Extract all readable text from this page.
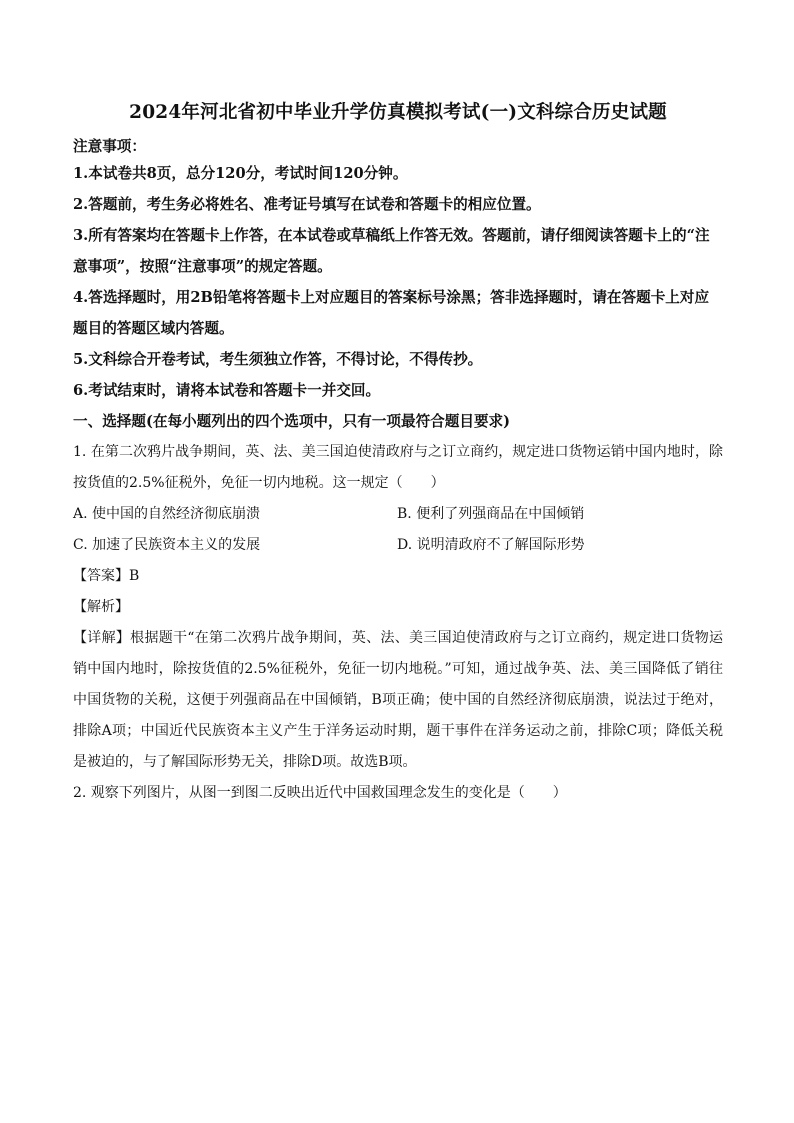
2024年河北省初中毕业升学仿真模拟考试(一)文科综合历史试题
注意事项：
1.本试卷共8页，总分120分，考试时间120分钟。
2.答题前，考生务必将姓名、准考证号填写在试卷和答题卡的相应位置。
3.所有答案均在答题卡上作答，在本试卷或草稿纸上作答无效。答题前，请仔细阅读答题卡上的“注意事项”，按照“注意事项”的规定答题。
4.答选择题时，用2B铅笔将答题卡上对应题目的答案标号涂黑；答非选择题时，请在答题卡上对应题目的答题区域内答题。
5.文科综合开卷考试，考生须独立作答，不得讨论，不得传抄。
6.考试结束时，请将本试卷和答题卡一并交回。
一、选择题(在每小题列出的四个选项中，只有一项最符合题目要求)
1. 在第二次鸦片战争期间，英、法、美三国迫使清政府与之订立商约，规定进口货物运销中国内地时，除按货值的2.5%征税外，免征一切内地税。这一规定（　　）
A. 使中国的自然经济彻底崩溃	B. 便利了列强商品在中国倾销
C. 加速了民族资本主义的发展	D. 说明清政府不了解国际形势
【答案】B
【解析】
【详解】根据题干“在第二次鸦片战争期间，英、法、美三国迫使清政府与之订立商约，规定进口货物运销中国内地时，除按货值的2.5%征税外，免征一切内地税。”可知，通过战争英、法、美三国降低了销往中国货物的关税，这便于列强商品在中国倾销，B项正确；使中国的自然经济彻底崩溃，说法过于绝对，排除A项；中国近代民族资本主义产生于洋务运动时期，题干事件在洋务运动之前，排除C项；降低关税是被迫的，与了解国际形势无关，排除D项。故选B项。
2. 观察下列图片，从图一到图二反映出近代中国救国理念发生的变化是（　　）
